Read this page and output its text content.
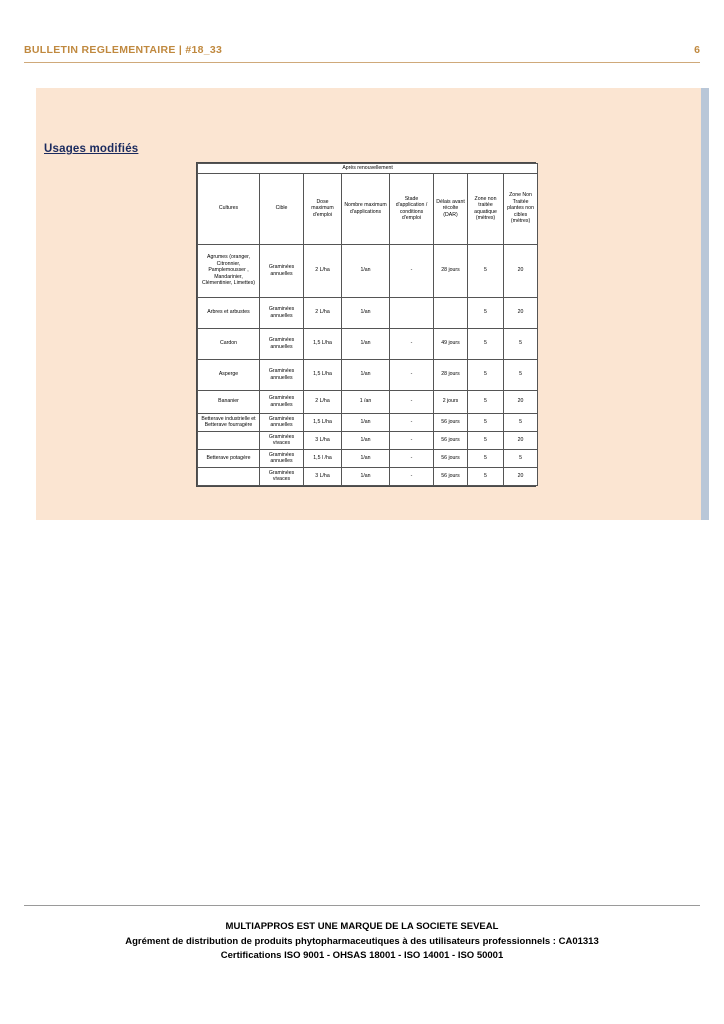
BULLETIN REGLEMENTAIRE | #18_33	6
Usages modifiés
Après renouvellement							
Cultures	Cible	Dose maximum d'emploi	Nombre maximum d'applications	Stade d'application / conditions d'emploi	Délais avant récolte (DAR)	Zone non traitée aquatique (mètres)	Zone Non Traitée plantes non cibles (mètres)
Agrumes (oranger, Citronnier, Pamplemousser , Mandarinier, Clémentinier, Limettes)	Graminées annuelles	2 L/ha	1/an	-	28 jours	5	20
Arbres et arbustes	Graminées annuelles	2 L/ha	1/an			5	20
Cardon	Graminées annuelles	1,5 L/ha	1/an	-	49 jours	5	5
Asperge	Graminées annuelles	1,5 L/ha	1/an	-	28 jours	5	5
Bananier	Graminées annuelles	2 L/ha	1 /an	-	2 jours	5	20
Betterave industrielle et Betterave fourragère	Graminées annuelles	1,5 L/ha	1/an	-	56 jours	5	5
	Graminées vivaces	3 L/ha	1/an	-	56 jours	5	20
Betterave potagère	Graminées annuelles	1,5 l /ha	1/an	-	56 jours	5	5
	Graminées vivaces	3 L/ha	1/an	-	56 jours	5	20
MULTIAPPROS EST UNE MARQUE DE LA SOCIETE SEVEAL
Agrément de distribution de produits phytopharmaceutiques à des utilisateurs professionnels : CA01313
Certifications ISO 9001 - OHSAS 18001 - ISO 14001 - ISO 50001
